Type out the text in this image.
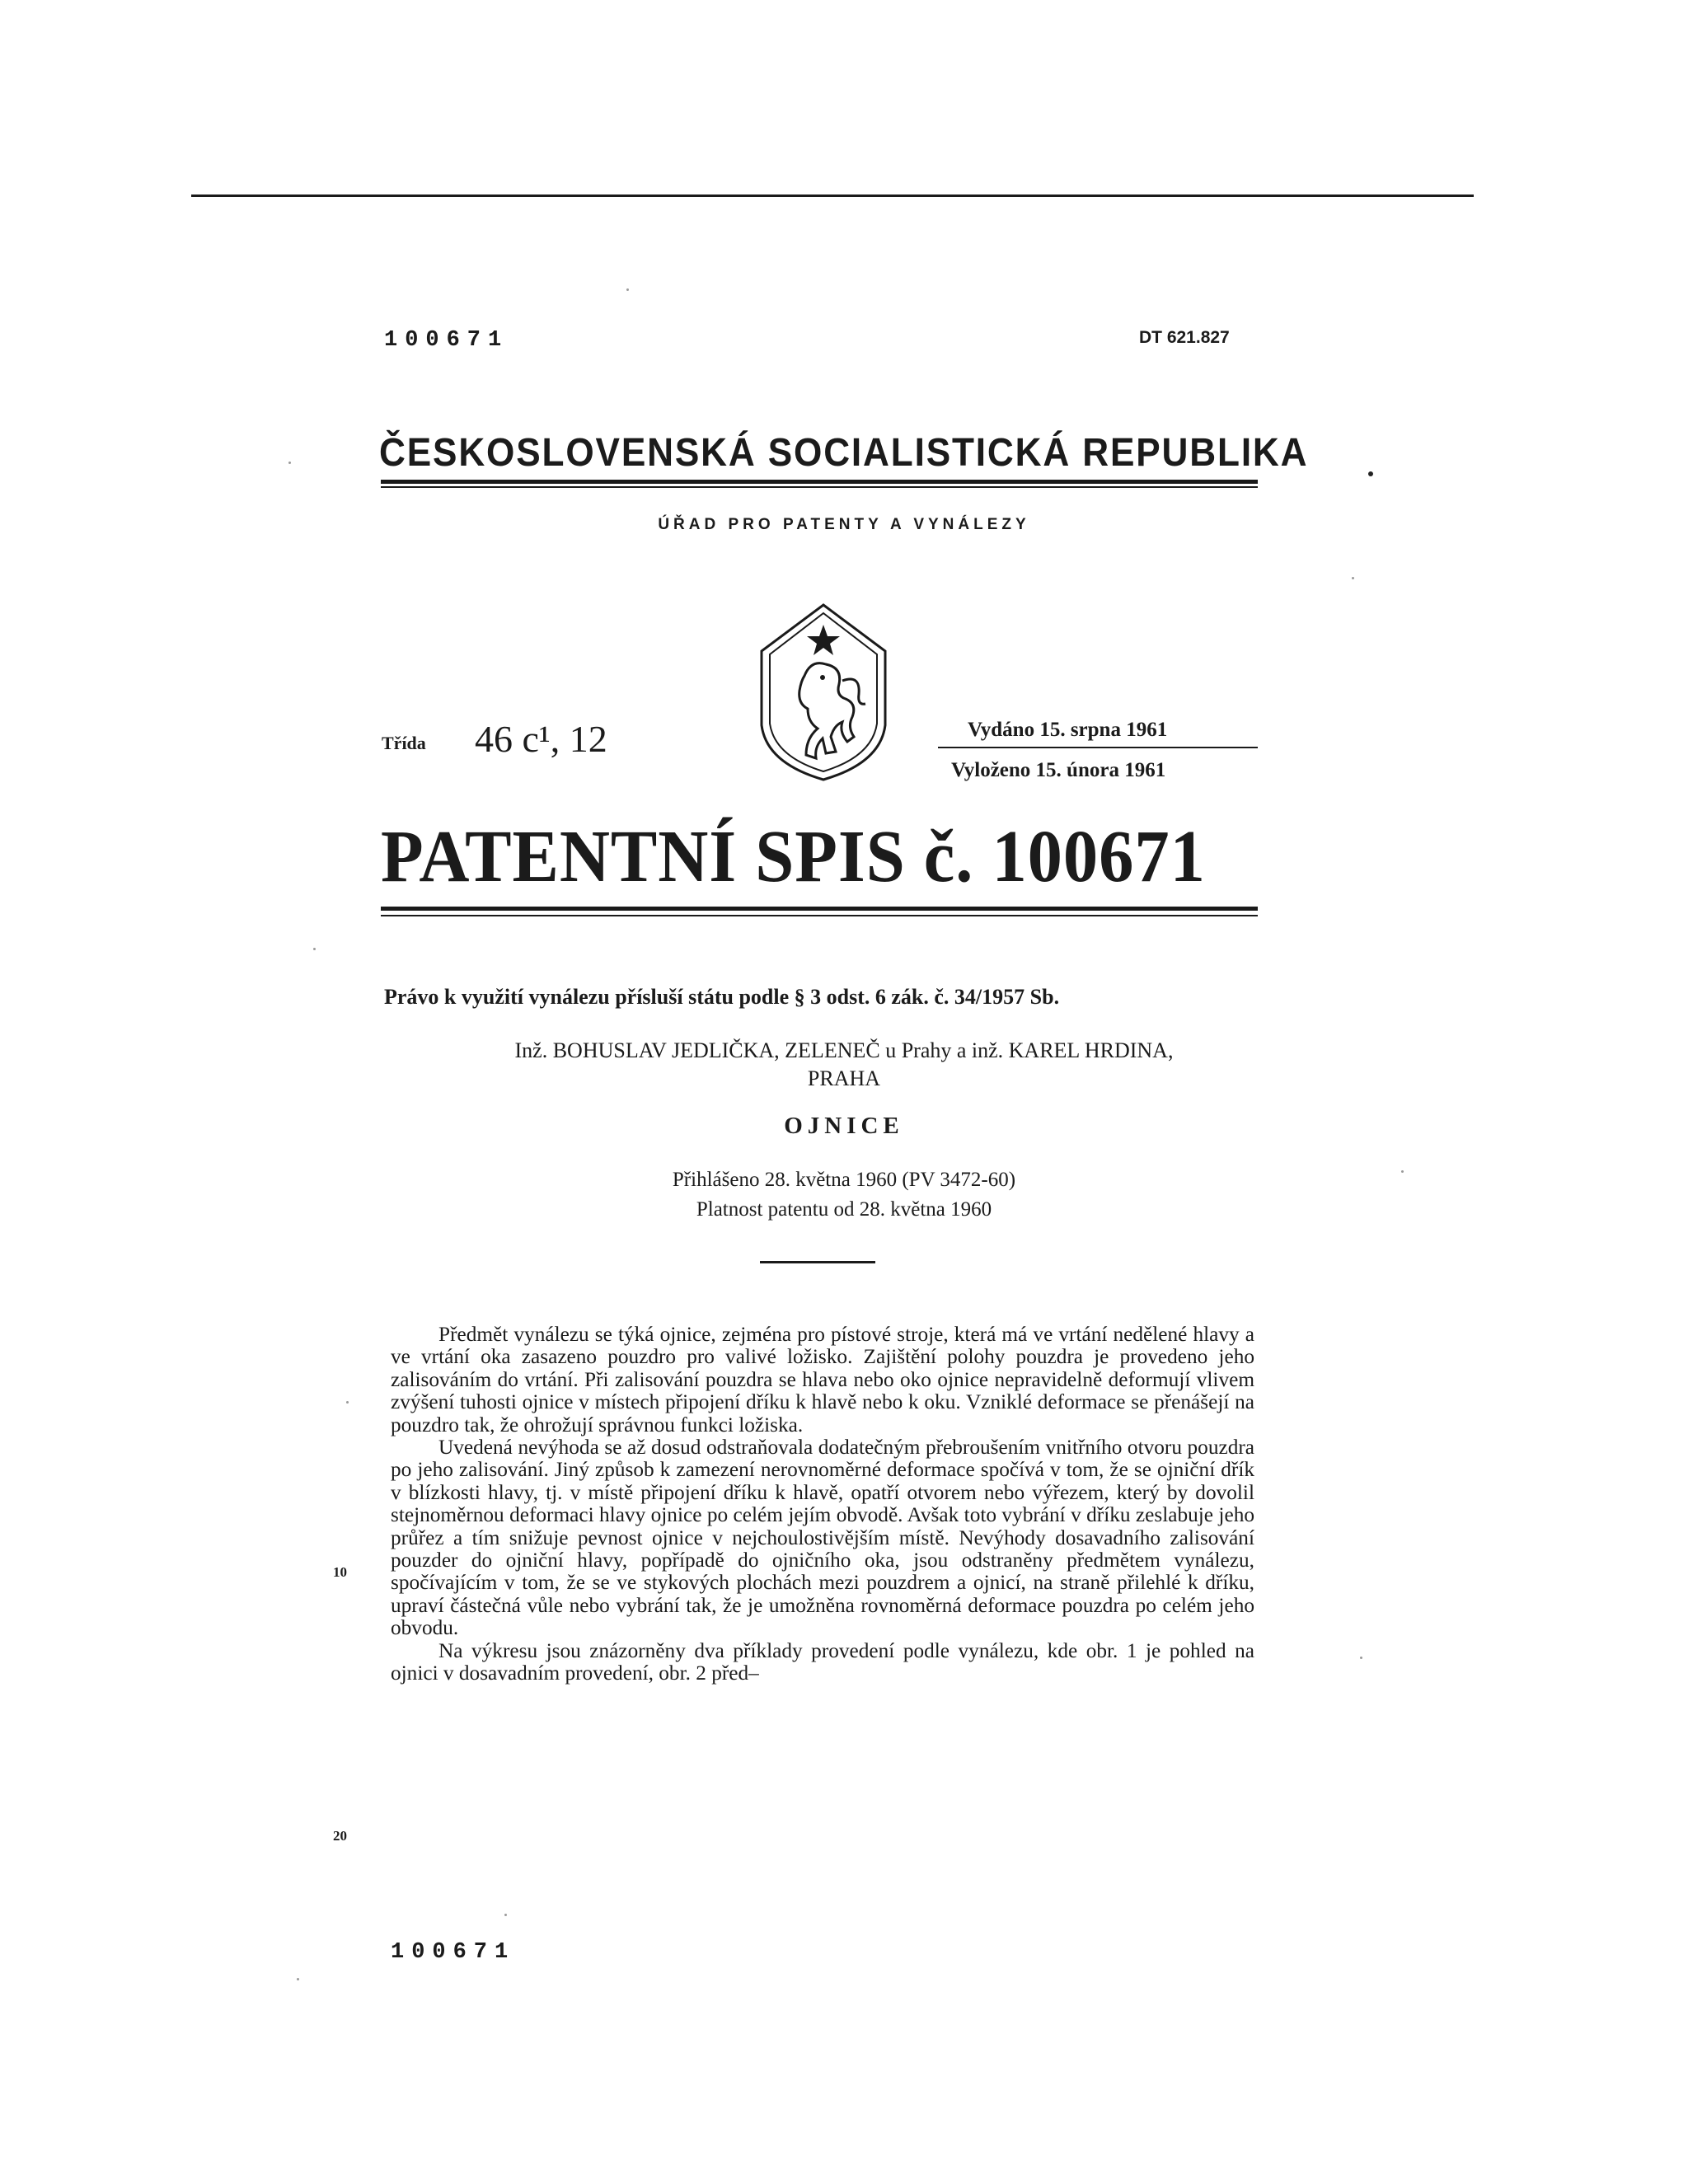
100671	DT 621.827
ČESKOSLOVENSKÁ SOCIALISTICKÁ REPUBLIKA
ÚŘAD PRO PATENTY A VYNÁLEZY
Třída 46 c¹, 12	Vydáno 15. srpna 1961
Vyloženo 15. února 1961
PATENTNÍ SPIS č. 100671
Právo k využití vynálezu přísluší státu podle § 3 odst. 6 zák. č. 34/1957 Sb.
Inž. BOHUSLAV JEDLIČKA, ZELENEČ u Prahy a inž. KAREL HRDINA,
PRAHA
OJNICE
Přihlášeno 28. května 1960 (PV 3472-60)
Platnost patentu od 28. května 1960

Předmět vynálezu se týká ojnice, zejména pro pístové stroje, která má ve vrtání nedělené hlavy a ve vrtání oka zasazeno pouzdro pro valivé ložisko. Zajištění polohy pouzdra je provedeno jeho zalisováním do vrtání. Při zalisování pouzdra se hlava nebo oko ojnice nepravidelně deformují vlivem zvýšení tuhosti ojnice v místech připojení dříku k hlavě nebo k oku. Vzniklé deformace se přenášejí na pouzdro tak, že ohrožují správnou funkci ložiska.

Uvedená nevýhoda se až dosud odstraňovala dodatečným přebroušením vnitřního otvoru pouzdra po jeho zalisování. Jiný způsob k zamezení nerovnoměrné deformace spočívá v tom, že se ojniční dřík v blízkosti hlavy, tj. v místě připojení dříku k hlavě, opatří otvorem nebo výřezem, který by dovolil stejnoměrnou deformaci hlavy ojnice po celém jejím obvodě. Avšak toto vybrání v dříku zeslabuje jeho průřez a tím snižuje pevnost ojnice v nejchoulostivějším místě. Nevýhody dosavadního zalisování pouzder do ojniční hlavy, popřípadě do ojničního oka, jsou odstraněny předmětem vynálezu, spočívajícím v tom, že se ve stykových plochách mezi pouzdrem a ojnicí, na straně přilehlé k dříku, upraví částečná vůle nebo vybrání tak, že je umožněna rovnoměrná deformace pouzdra po celém jeho obvodu.

Na výkresu jsou znázorněny dva příklady provedení podle vynálezu, kde obr. 1 je pohled na ojnici v dosavadním provedení, obr. 2 před–

10
20
100671
